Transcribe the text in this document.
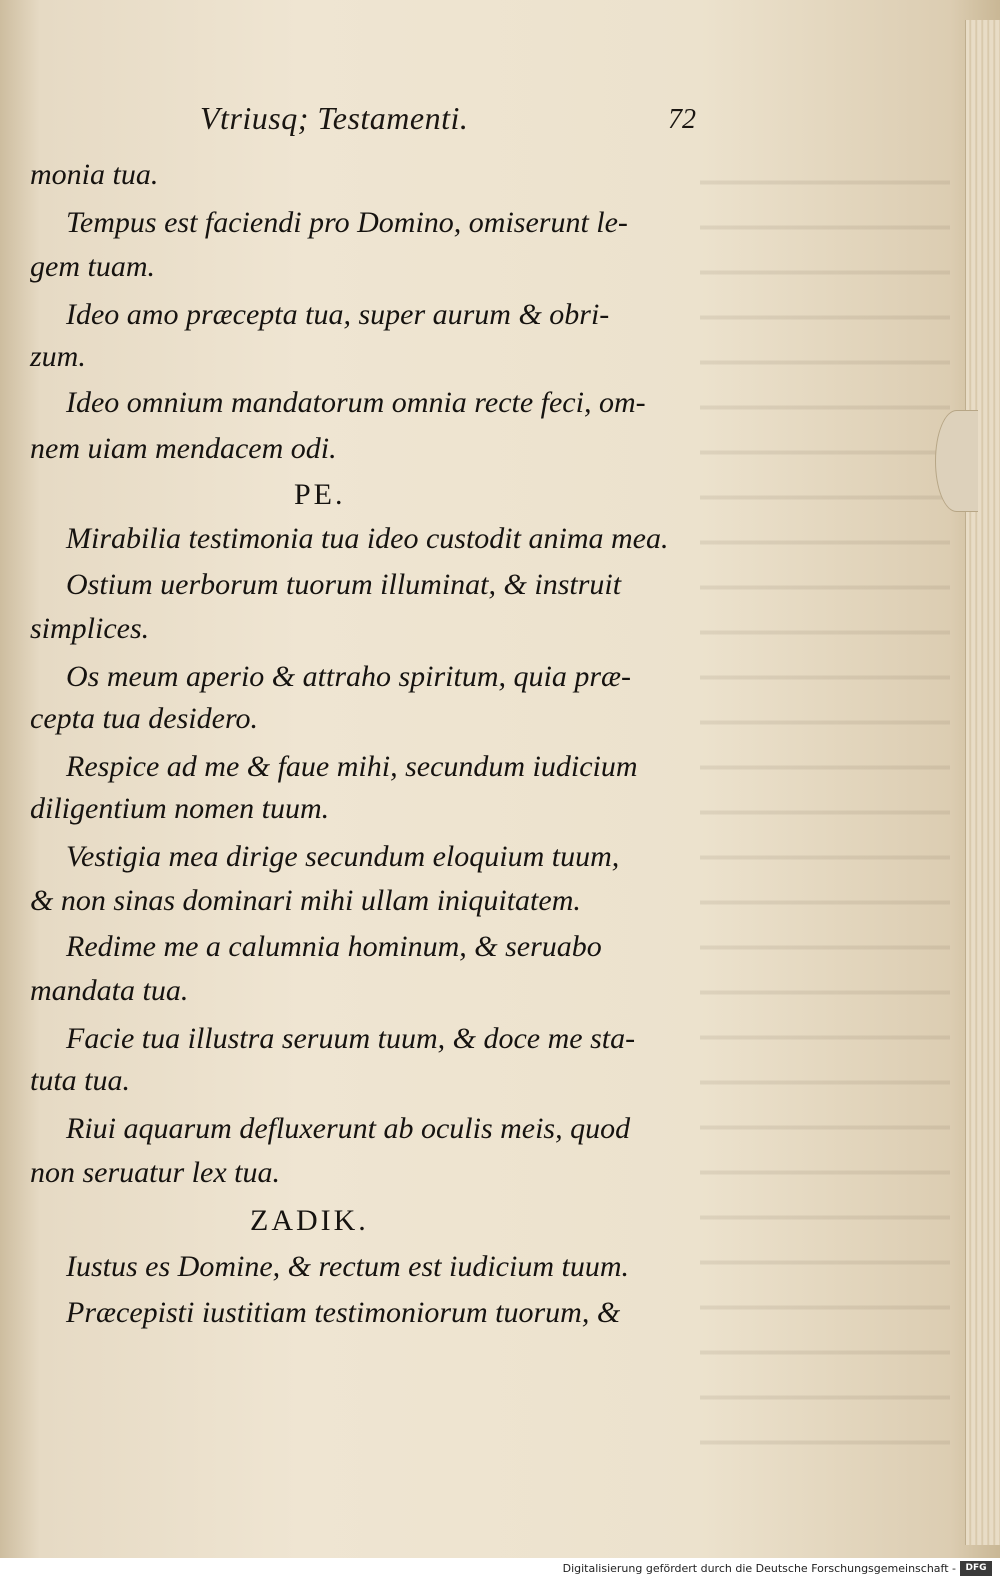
Vtriusq; Testamenti.	72
monia tua.
Tempus est faciendi pro Domino, omiserunt le-
gem tuam.
Ideo amo præcepta tua, super aurum & obri-
zum.
Ideo omnium mandatorum omnia recte feci, om-
nem uiam mendacem odi.
PE.
Mirabilia testimonia tua ideo custodit anima mea.
Ostium uerborum tuorum illuminat, & instruit
simplices.
Os meum aperio & attraho spiritum, quia præ-
cepta tua desidero.
Respice ad me & faue mihi, secundum iudicium
diligentium nomen tuum.
Vestigia mea dirige secundum eloquium tuum,
& non sinas dominari mihi ullam iniquitatem.
Redime me a calumnia hominum, & seruabo
mandata tua.
Facie tua illustra seruum tuum, & doce me sta-
tuta tua.
Riui aquarum defluxerunt ab oculis meis, quod
non seruatur lex tua.
ZADIK.
Iustus es Domine, & rectum est iudicium tuum.
Præcepisti iustitiam testimoniorum tuorum, &
Digitalisierung gefördert durch die Deutsche Forschungsgemeinschaft -	DFG
